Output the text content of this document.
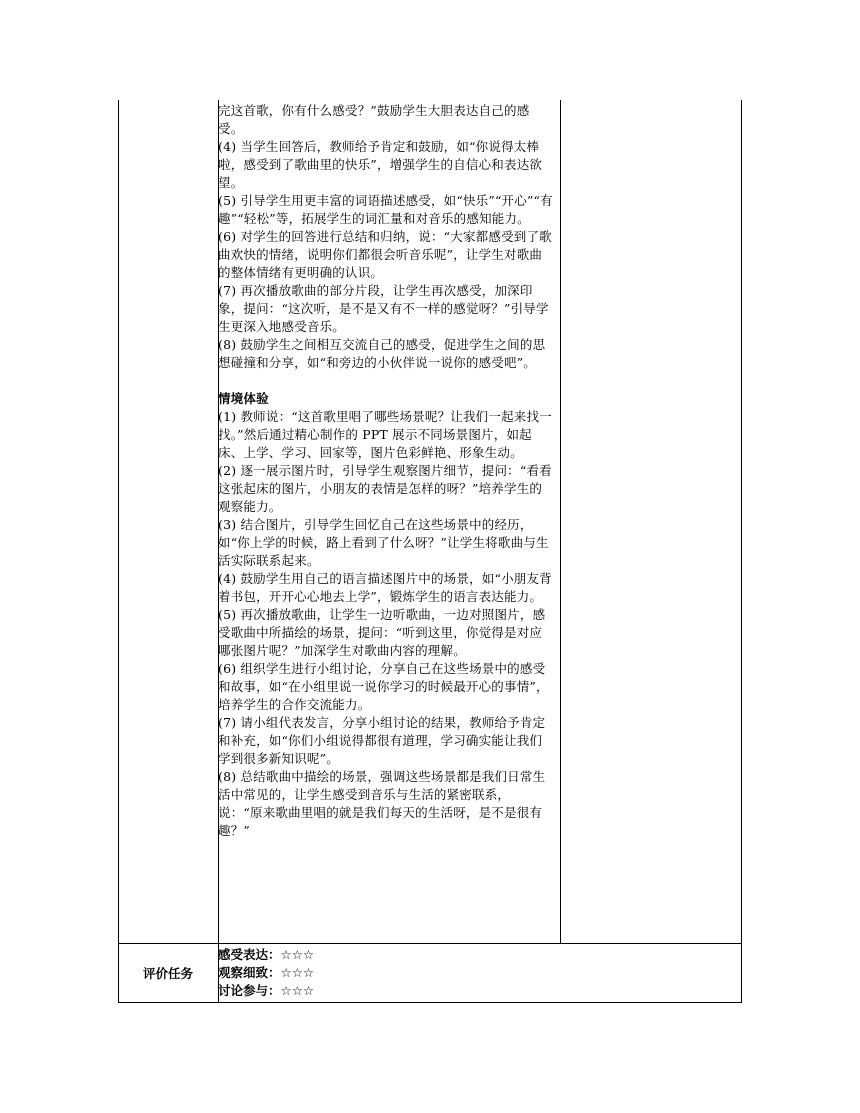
完这首歌，你有什么感受？”鼓励学生大胆表达自己的感受。

(4) 当学生回答后，教师给予肯定和鼓励，如“你说得太棒啦，感受到了歌曲里的快乐”，增强学生的自信心和表达欲望。

(5) 引导学生用更丰富的词语描述感受，如“快乐”“开心”“有趣”“轻松”等，拓展学生的词汇量和对音乐的感知能力。

(6) 对学生的回答进行总结和归纳，说：“大家都感受到了歌曲欢快的情绪，说明你们都很会听音乐呢”，让学生对歌曲的整体情绪有更明确的认识。

(7) 再次播放歌曲的部分片段，让学生再次感受，加深印象，提问：“这次听，是不是又有不一样的感觉呀？”引导学生更深入地感受音乐。

(8) 鼓励学生之间相互交流自己的感受，促进学生之间的思想碰撞和分享，如“和旁边的小伙伴说一说你的感受吧”。

情境体验

(1) 教师说：“这首歌里唱了哪些场景呢？让我们一起来找一找。”然后通过精心制作的 PPT 展示不同场景图片，如起床、上学、学习、回家等，图片色彩鲜艳、形象生动。

(2) 逐一展示图片时，引导学生观察图片细节，提问：“看看这张起床的图片，小朋友的表情是怎样的呀？”培养学生的观察能力。

(3) 结合图片，引导学生回忆自己在这些场景中的经历，如“你上学的时候，路上看到了什么呀？”让学生将歌曲与生活实际联系起来。

(4) 鼓励学生用自己的语言描述图片中的场景，如“小朋友背着书包，开开心心地去上学”，锻炼学生的语言表达能力。

(5) 再次播放歌曲，让学生一边听歌曲，一边对照图片，感受歌曲中所描绘的场景，提问：“听到这里，你觉得是对应哪张图片呢？”加深学生对歌曲内容的理解。

(6) 组织学生进行小组讨论，分享自己在这些场景中的感受和故事，如“在小组里说一说你学习的时候最开心的事情”，培养学生的合作交流能力。

(7) 请小组代表发言，分享小组讨论的结果，教师给予肯定和补充，如“你们小组说得都很有道理，学习确实能让我们学到很多新知识呢”。

(8) 总结歌曲中描绘的场景，强调这些场景都是我们日常生活中常见的，让学生感受到音乐与生活的紧密联系，说：“原来歌曲里唱的就是我们每天的生活呀，是不是很有趣？”

评价任务
感受表达：☆☆☆
观察细致：☆☆☆
讨论参与：☆☆☆
